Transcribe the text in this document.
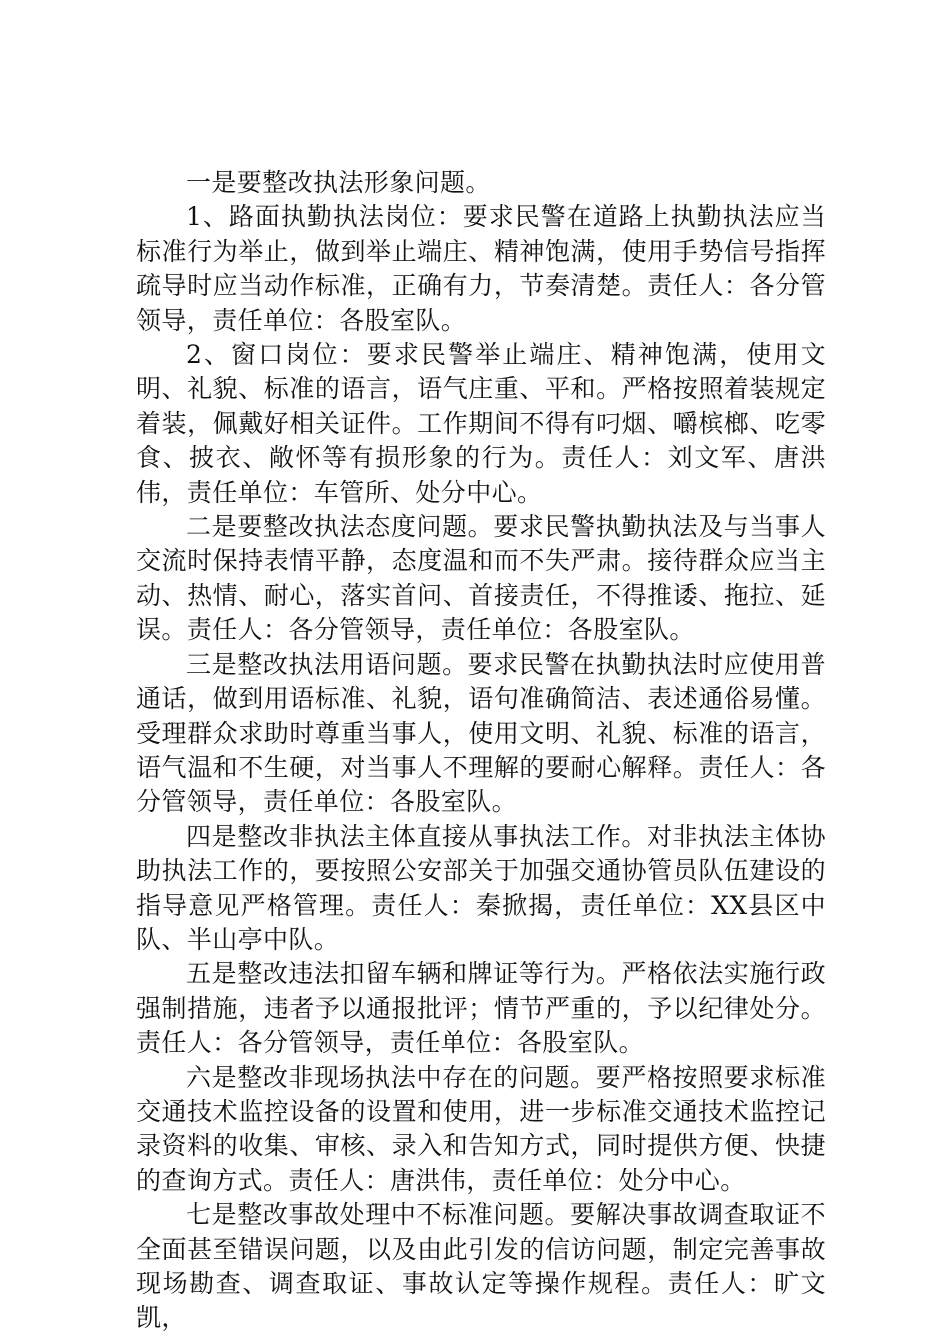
一是要整改执法形象问题。

1、路面执勤执法岗位：要求民警在道路上执勤执法应当标准行为举止，做到举止端庄、精神饱满，使用手势信号指挥疏导时应当动作标准，正确有力，节奏清楚。责任人：各分管领导，责任单位：各股室队。

2、窗口岗位：要求民警举止端庄、精神饱满，使用文明、礼貌、标准的语言，语气庄重、平和。严格按照着装规定着装，佩戴好相关证件。工作期间不得有叼烟、嚼槟榔、吃零食、披衣、敞怀等有损形象的行为。责任人：刘文军、唐洪伟，责任单位：车管所、处分中心。

二是要整改执法态度问题。要求民警执勤执法及与当事人交流时保持表情平静，态度温和而不失严肃。接待群众应当主动、热情、耐心，落实首问、首接责任，不得推诿、拖拉、延误。责任人：各分管领导，责任单位：各股室队。

三是整改执法用语问题。要求民警在执勤执法时应使用普通话，做到用语标准、礼貌，语句准确简洁、表述通俗易懂。受理群众求助时尊重当事人，使用文明、礼貌、标准的语言，语气温和不生硬，对当事人不理解的要耐心解释。责任人：各分管领导，责任单位：各股室队。

四是整改非执法主体直接从事执法工作。对非执法主体协助执法工作的，要按照公安部关于加强交通协管员队伍建设的指导意见严格管理。责任人：秦掀揭，责任单位：XX县区中队、半山亭中队。

五是整改违法扣留车辆和牌证等行为。严格依法实施行政强制措施，违者予以通报批评；情节严重的，予以纪律处分。责任人：各分管领导，责任单位：各股室队。

六是整改非现场执法中存在的问题。要严格按照要求标准交通技术监控设备的设置和使用，进一步标准交通技术监控记录资料的收集、审核、录入和告知方式，同时提供方便、快捷的查询方式。责任人：唐洪伟，责任单位：处分中心。

七是整改事故处理中不标准问题。要解决事故调查取证不全面甚至错误问题，以及由此引发的信访问题，制定完善事故现场勘查、调查取证、事故认定等操作规程。责任人：旷文凯，
